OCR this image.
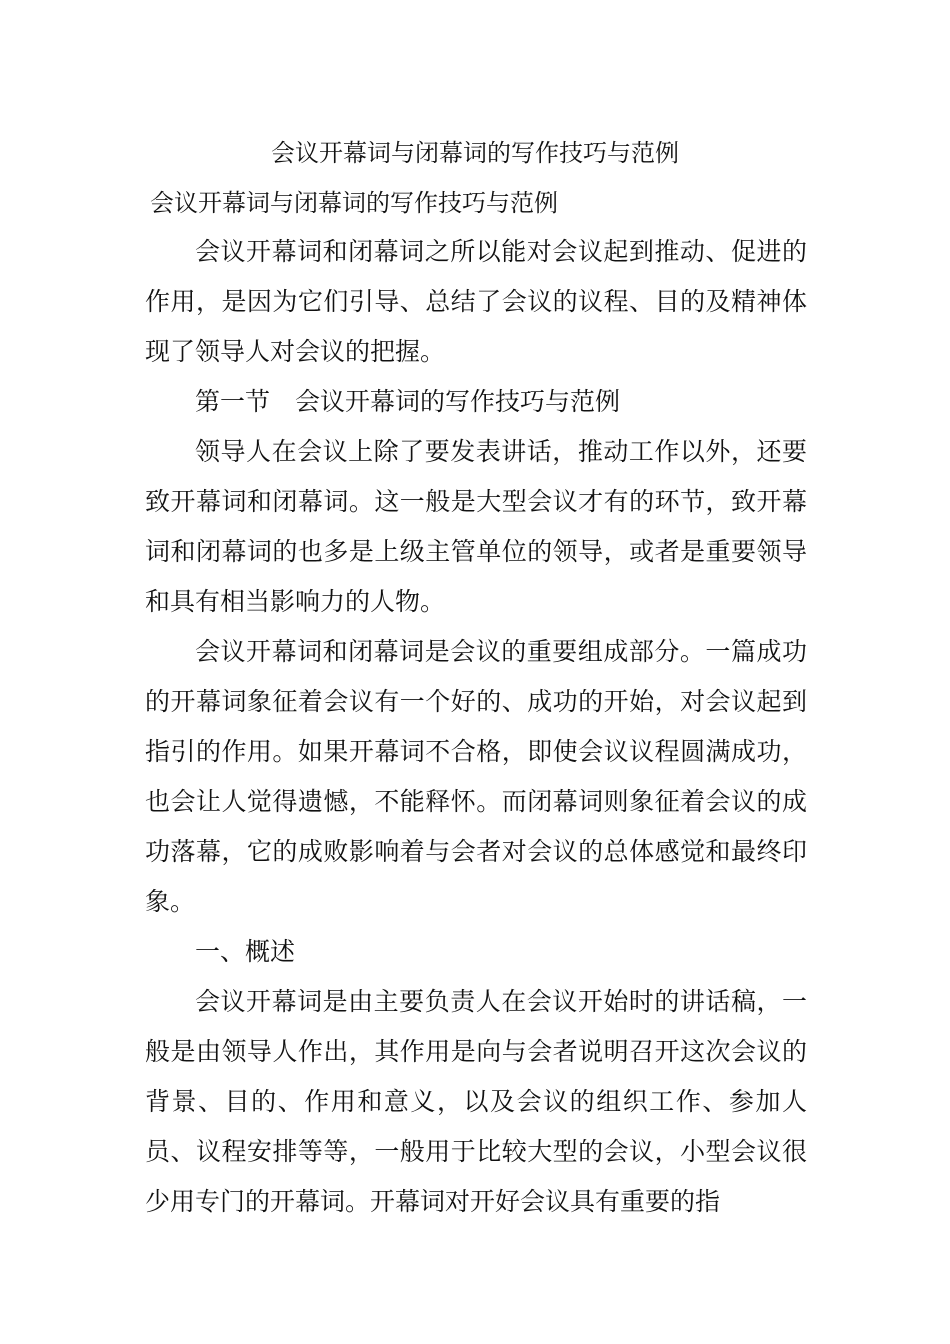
会议开幕词与闭幕词的写作技巧与范例
会议开幕词与闭幕词的写作技巧与范例

会议开幕词和闭幕词之所以能对会议起到推动、促进的作用，是因为它们引导、总结了会议的议程、目的及精神体现了领导人对会议的把握。

第一节　会议开幕词的写作技巧与范例

领导人在会议上除了要发表讲话，推动工作以外，还要致开幕词和闭幕词。这一般是大型会议才有的环节，致开幕词和闭幕词的也多是上级主管单位的领导，或者是重要领导和具有相当影响力的人物。

会议开幕词和闭幕词是会议的重要组成部分。一篇成功的开幕词象征着会议有一个好的、成功的开始，对会议起到指引的作用。如果开幕词不合格，即使会议议程圆满成功，也会让人觉得遗憾，不能释怀。而闭幕词则象征着会议的成功落幕，它的成败影响着与会者对会议的总体感觉和最终印象。

一、概述

会议开幕词是由主要负责人在会议开始时的讲话稿，一般是由领导人作出，其作用是向与会者说明召开这次会议的背景、目的、作用和意义，以及会议的组织工作、参加人员、议程安排等等，一般用于比较大型的会议，小型会议很少用专门的开幕词。开幕词对开好会议具有重要的指
